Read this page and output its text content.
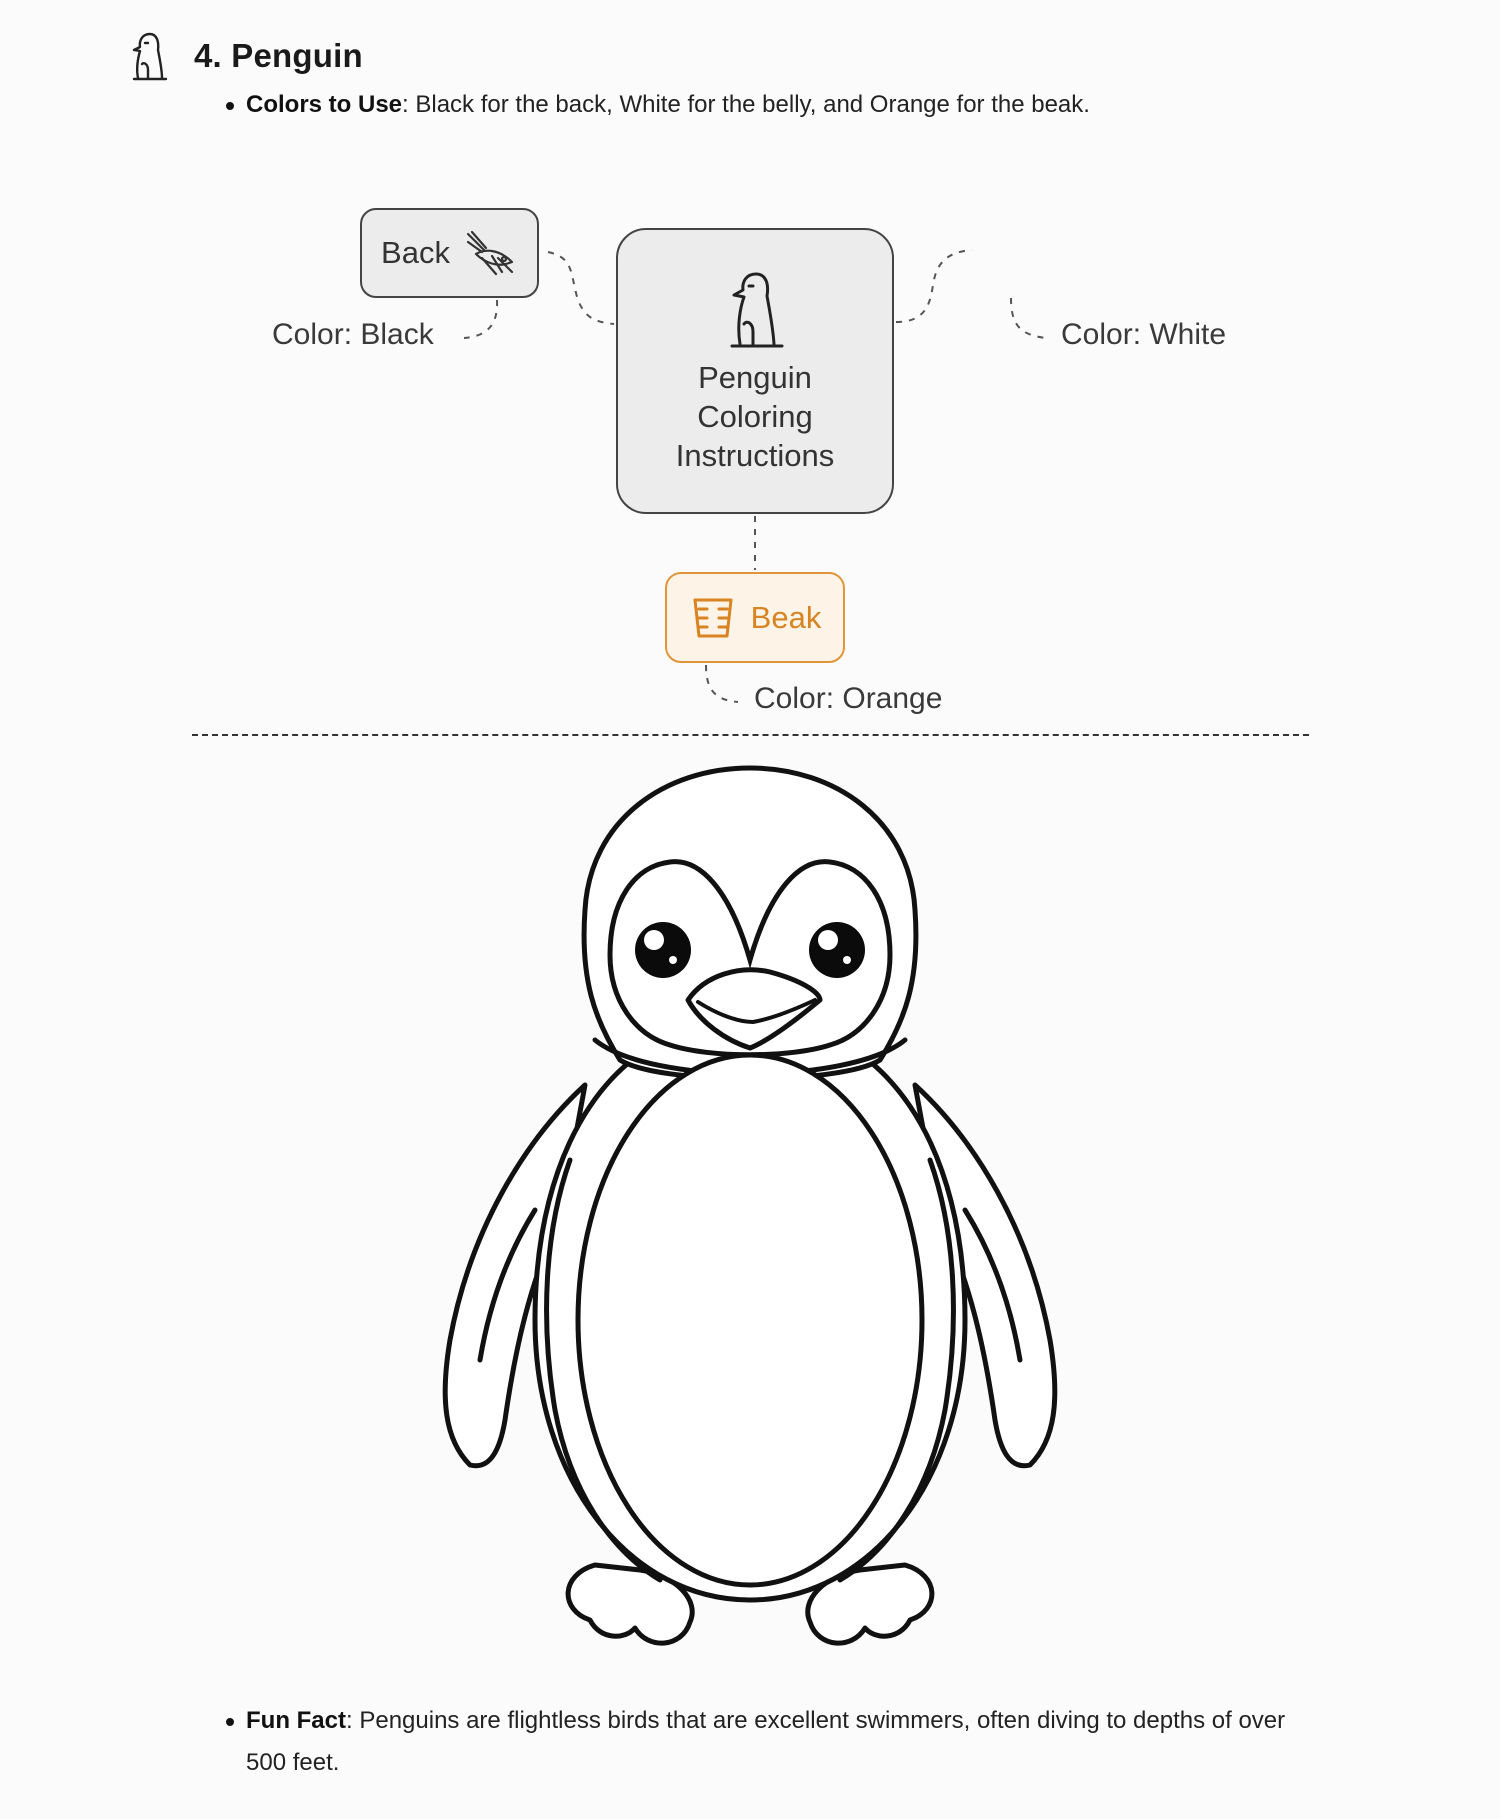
4. Penguin
Colors to Use: Black for the back, White for the belly, and Orange for the beak.
Back
Penguin
Coloring
Instructions
Beak
Color: Black	Color: White
Color: Orange
Fun Fact: Penguins are flightless birds that are excellent swimmers, often diving to depths of over 500 feet.
